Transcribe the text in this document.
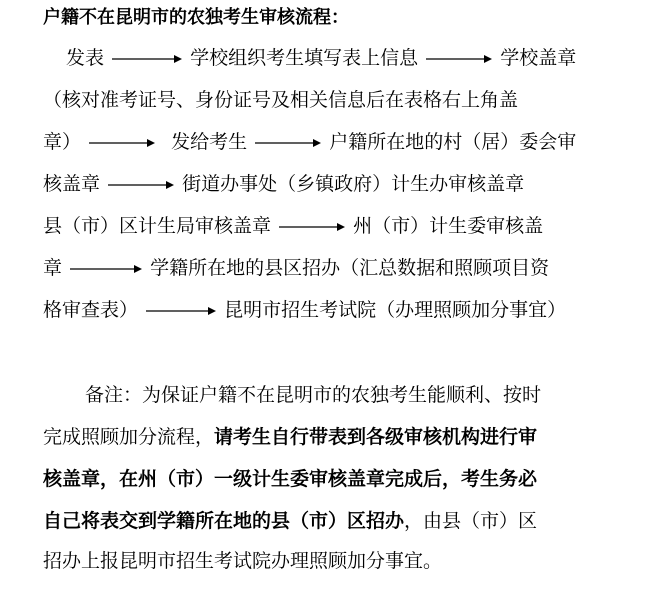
户籍不在昆明市的农独考生审核流程：
发表	学校组织考生填写表上信息	学校盖章
（核对准考证号、身份证号及相关信息后在表格右上角盖
章）	发给考生	户籍所在地的村（居）委会审
核盖章	街道办事处（乡镇政府）计生办审核盖章
县（市）区计生局审核盖章	州（市）计生委审核盖
章	学籍所在地的县区招办（汇总数据和照顾项目资
格审查表）	昆明市招生考试院（办理照顾加分事宜）
备注：为保证户籍不在昆明市的农独考生能顺利、按时
完成照顾加分流程，请考生自行带表到各级审核机构进行审
核盖章，在州（市）一级计生委审核盖章完成后，考生务必
自己将表交到学籍所在地的县（市）区招办，由县（市）区
招办上报昆明市招生考试院办理照顾加分事宜。
